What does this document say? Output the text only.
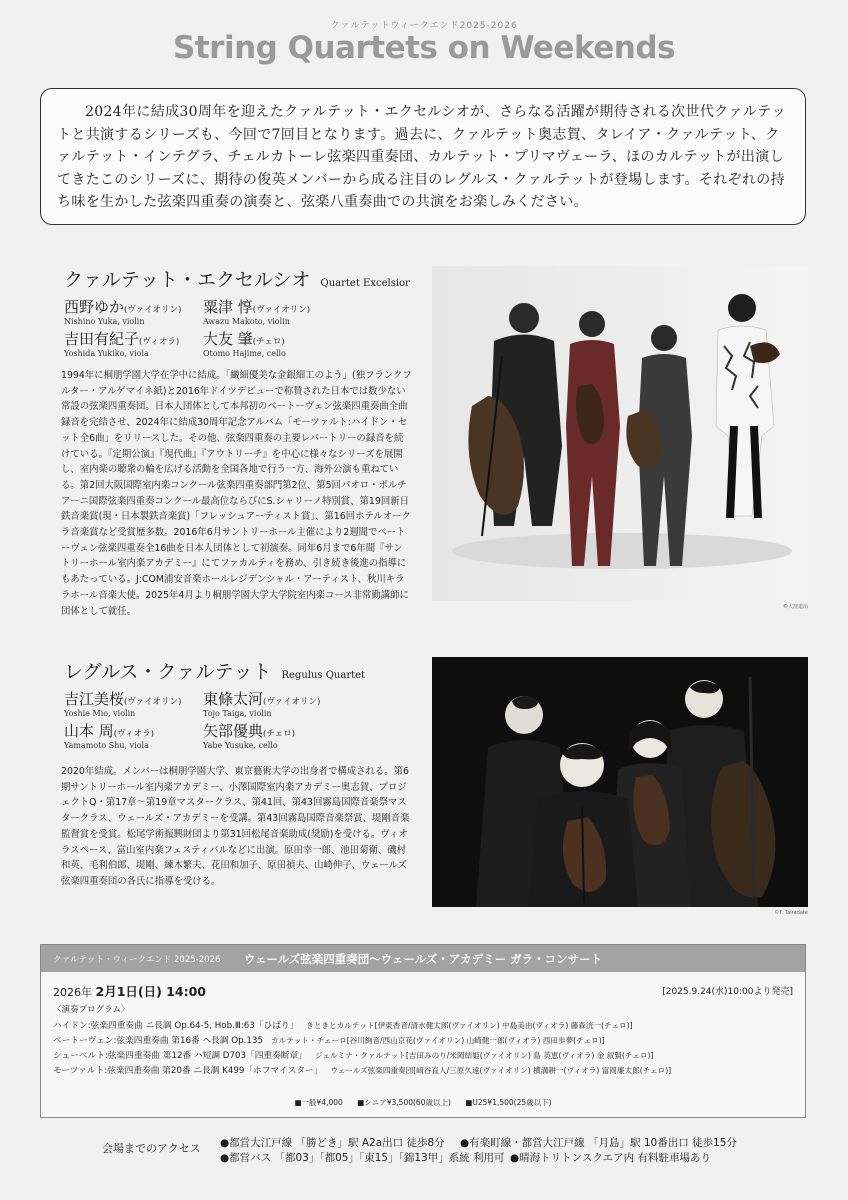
クァルテットウィークエンド2025-2026
String Quartets on Weekends

2024年に結成30周年を迎えたクァルテット・エクセルシオが、さらなる活躍が期待される次世代クァルテットと共演するシリーズも、今回で7回目となります。過去に、クァルテット奥志賀、タレイア・クァルテット、クァルテット・インテグラ、チェルカトーレ弦楽四重奏団、カルテット・プリマヴェーラ、ほのカルテットが出演してきたこのシリーズに、期待の俊英メンバーから成る注目のレグルス・クァルテットが登場します。それぞれの持ち味を生かした弦楽四重奏の演奏と、弦楽八重奏曲での共演をお楽しみください。

クァルテット・エクセルシオ Quartet Excelsior
西野ゆか(ヴァイオリン)
Nishino Yuka, violin
粟津 惇(ヴァイオリン)
Awazu Makoto, violin
吉田有紀子(ヴィオラ)
Yoshida Yukiko, viola
大友 肇(チェロ)
Otomo Hajime, cello

1994年に桐朋学園大学在学中に結成。「繊細優美な金銀細工のよう」(独フランクフルター・アルゲマイネ紙)と2016年ドイツデビューで称賛された日本では数少ない常設の弦楽四重奏団。日本人団体として本邦初のベートーヴェン弦楽四重奏曲全曲録音を完結させ、2024年に結成30周年記念アルバム「モーツァルト:ハイドン・セット全6曲」をリリースした。その他、弦楽四重奏の主要レパートリーの録音を続けている。『定期公演』『現代曲』『アウトリーチ』を中心に様々なシリーズを展開し、室内楽の聴衆の輪を広げる活動を全国各地で行う一方、海外公演も重ねている。第2回大阪国際室内楽コンクール弦楽四重奏部門第2位、第5回パオロ・ボルチアーニ国際弦楽四重奏コンクール最高位ならびにS.シャリーノ特別賞、第19回新日鉄音楽賞(現・日本製鉄音楽賞)「フレッシュアーティスト賞」、第16回ホテルオークラ音楽賞など受賞歴多数。2016年6月サントリーホール主催により2週間でベートーヴェン弦楽四重奏全16曲を日本人団体として初演奏。同年6月まで6年間『サントリーホール室内楽アカデミー』にてファカルティを務め、引き続き後進の指導にもあたっている。J:COM浦安音楽ホールレジデンシャル・アーティスト、秋川キララホール音楽大使。2025年4月より桐朋学園大学大学院室内楽コース非常勤講師に団体として就任。	©大窪道治
レグルス・クァルテット Regulus Quartet
吉江美桜(ヴァイオリン)
Yoshie Mio, violin
東條太河(ヴァイオリン)
Tojo Taiga, violin
山本 周(ヴィオラ)
Yamamoto Shu, viola
矢部優典(チェロ)
Yabe Yusuke, cello

2020年結成。メンバーは桐朋学園大学、東京藝術大学の出身者で構成される。第6期サントリーホール室内楽アカデミー、小澤国際室内楽アカデミー奥志賀、プロジェクトQ・第17章〜第19章マスタークラス、第41回、第43回霧島国際音楽祭マスタークラス、ウェールズ・アカデミーを受講。第43回霧島国際音楽祭賞、堤剛音楽監督賞を受賞。松尾学術振興財団より第31回松尾音楽助成(奨励)を受ける。ヴィオラスペース、富山室内楽フェスティバルなどに出演。原田幸一郎、池田菊衛、磯村和英、毛利伯郎、堤剛、練木繁夫、花田和加子、原田禎夫、山崎伸子、ウェールズ弦楽四重奏団の各氏に指導を受ける。

©T. Tairadate
クァルテット・ウィークエンド 2025-2026	ウェールズ弦楽四重奏団〜ウェールズ・アカデミー ガラ・コンサート
2026年 2月1日(日) 14:00	[2025.9.24(水)10:00より発売]
〈演奏プログラム〉
ハイドン:弦楽四重奏曲 ニ長調 Op.64-5, Hob.Ⅲ:63「ひばり」 きときとカルテット[伊東香音/清水健太郎(ヴァイオリン) 中島美由(ヴィオラ) 藤森洸一(チェロ)]
ベートーヴェン:弦楽四重奏曲 第16番 ヘ長調 Op.135 カルテット・チェーロ[谷川絢音/西山京花(ヴァイオリン) 山崎健一郎(ヴィオラ) 西田歩夢(チェロ)]
シューベルト:弦楽四重奏曲 第12番 ハ短調 D703「四重奏断章」 ジェルミナ・クァルテット[吉田みのり/米岡結姫(ヴァイオリン) 島 英恵(ヴィオラ) 金 叙賢(チェロ)]
モーツァルト:弦楽四重奏曲 第20番 ニ長調 K499「ホフマイスター」 ウェールズ弦楽四重奏団[﨑谷直人/三原久遠(ヴァイオリン) 横溝耕一(ヴィオラ) 富岡廉太郎(チェロ)]
■一般¥4,000 ■シニア¥3,500(60歳以上) ■U25¥1,500(25歳以下)
会場までのアクセス ●都営大江戸線 「勝どき」駅 A2a出口 徒歩8分 ●有楽町線・都営大江戸線 「月島」駅 10番出口 徒歩15分
●都営バス 「都03」「都05」「東15」「錦13甲」系統 利用可 ●晴海トリトンスクエア内 有料駐車場あり
